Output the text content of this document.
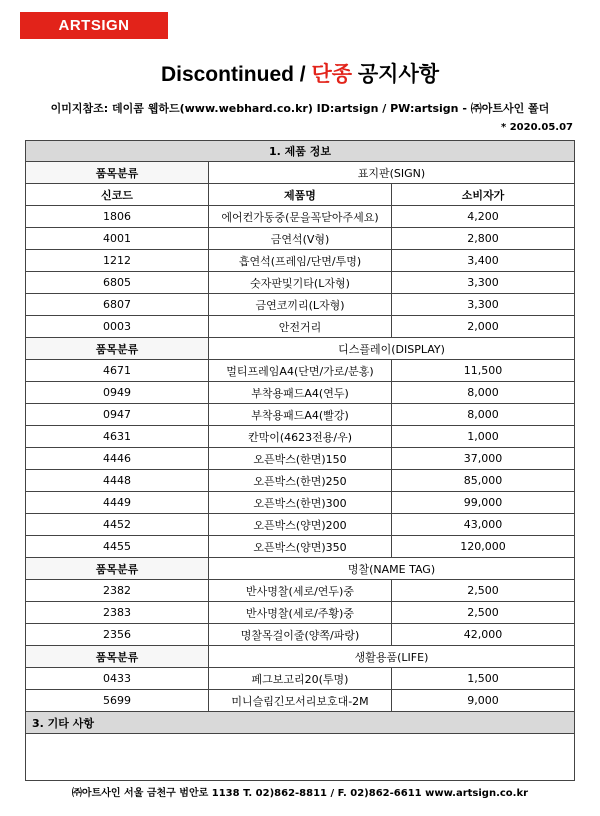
ARTSIGN
Discontinued / 단종 공지사항
이미지참조: 데이콤 웹하드(www.webhard.co.kr) ID:artsign / PW:artsign - ㈜아트사인 폴더
* 2020.05.07
1. 제품 정보		
품목분류	표지판(SIGN)	
신코드	제품명	소비자가
1806	에어컨가동중(문을꼭닫아주세요)	4,200
4001	금연석(V형)	2,800
1212	흡연석(프레임/단면/투명)	3,400
6805	숫자판및기타(L자형)	3,300
6807	금연코끼리(L자형)	3,300
0003	안전거리	2,000
품목분류	디스플레이(DISPLAY)	
4671	멀티프레임A4(단면/가로/분홍)	11,500
0949	부착용패드A4(연두)	8,000
0947	부착용패드A4(빨강)	8,000
4631	칸막이(4623전용/우)	1,000
4446	오픈박스(한면)150	37,000
4448	오픈박스(한면)250	85,000
4449	오픈박스(한면)300	99,000
4452	오픈박스(양면)200	43,000
4455	오픈박스(양면)350	120,000
품목분류	명찰(NAME TAG)	
2382	반사명찰(세로/연두)중	2,500
2383	반사명찰(세로/주황)중	2,500
2356	명찰목걸이줄(양쪽/파랑)	42,000
품목분류	생활용품(LIFE)	
0433	페그보고리20(투명)	1,500
5699	미니슬림긴모서리보호대-2M	9,000
3. 기타 사항		

㈜아트사인 서울 금천구 범안로 1138 T. 02)862-8811 / F. 02)862-6611 www.artsign.co.kr
